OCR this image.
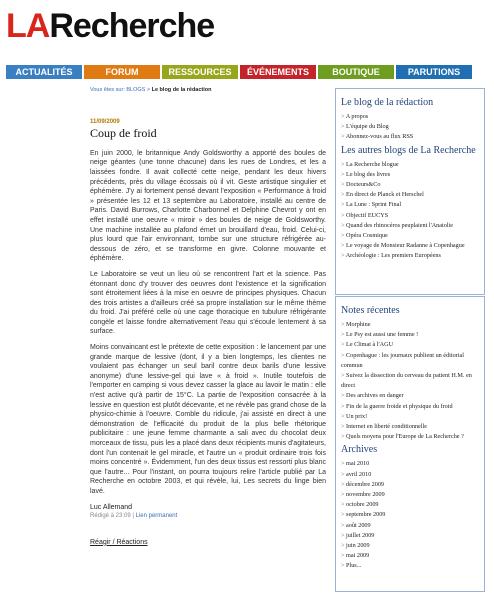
LA Recherche
ACTUALITÉS	FORUM	RESSOURCES	ÉVÉNEMENTS	BOUTIQUE	PARUTIONS
Vous êtes sur: BLOGS > Le blog de la rédaction
11/09/2009
Coup de froid

En juin 2000, le britannique Andy Goldsworthy a apporté des boules de neige géantes (une tonne chacune) dans les rues de Londres, et les a laissées fondre. Il avait collecté cette neige, pendant les deux hivers précédents, près du village écossais où il vit. Geste artistique singulier et éphémère. J'y ai fortement pensé devant l'exposition « Performance à froid » présentée les 12 et 13 septembre au Laboratoire, installé au centre de Paris. David Burrows, Charlotte Charbonnel et Delphine Chevrot y ont en effet installé une oeuvre « miroir » des boules de neige de Goldsworthy. Une machine installée au plafond émet un brouillard d'eau, froid. Celui-ci, plus lourd que l'air environnant, tombe sur une structure réfrigérée au-dessous de zéro, et se transforme en givre. Colonne mouvante et éphémère.

Le Laboratoire se veut un lieu où se rencontrent l'art et la science. Pas étonnant donc d'y trouver des oeuvres dont l'existence et la signification sont étroitement liées à la mise en oeuvre de principes physiques. Chacun des trois artistes a d'ailleurs créé sa propre installation sur le même thème du froid. J'ai préféré celle où une cage thoracique en tubulure réfrigérante congèle et laisse fondre alternativement l'eau qui s'écoule lentement à sa surface.

Moins convaincant est le prétexte de cette exposition : le lancement par une grande marque de lessive (dont, il y a bien longtemps, les clientes ne voulaient pas échanger un seul baril contre deux barils d'une lessive anonyme) d'une lessive-gel qui lave « à froid ». Inutile toutefois de l'emporter en camping si vous devez casser la glace au lavoir le matin : elle n'est active qu'à partir de 15°C. La partie de l'exposition consacrée à la lessive en question est plutôt décevante, et ne révèle pas grand chose de la physico-chimie à l'oeuvre. Comble du ridicule, j'ai assisté en direct à une démonstration de l'efficacité du produit de la plus belle rhétorique publicitaire : une jeune femme charmante a sali avec du chocolat deux morceaux de tissu, puis les a placé dans deux récipients munis d'agitateurs, dont l'un contenait le gel miracle, et l'autre un « produit ordinaire trois fois moins concentré ». Évidemment, l'un des deux tissus est ressorti plus blanc que l'autre... Pour l'instant, on pourra toujours relire l'article publié par La Recherche en octobre 2003, et qui révèle, lui, Les secrets du linge bien lavé.

Luc Allemand
Rédigé à 23:09 | Lien permanent
Réagir / Réactions
Le blog de la rédaction
> A propos
> L'équipe du Blog
> Abonnez-vous au flux RSS
Les autres blogs de La Recherche
> La Recherche blogue
> Le blog des livres
> Docteurs&Co
> En direct de Planck et Herschel
> La Lune : Sprint Final
> Objectif EUCYS
> Quand des rhinocéros peuplaient l'Anatolie
> Opéra Cosmique
> Le voyage de Monsieur Radanne à Copenhague
> Archéologie : Les premiers Européens
Notes récentes
> Morphine
> Le Psy est aussi une femme !
> Le Climat à l'AGU
> Copenhague : les journaux publient un éditorial commun
> Suivez la dissection du cerveau du patient H.M. en direct
> Des archives en danger
> Fin de la guerre froide et physique du froid
> Un prix!
> Internet en liberté conditionnelle
> Quels moyens pour l'Europe de La Recherche ?
Archives
> mai 2010
> avril 2010
> décembre 2009
> novembre 2009
> octobre 2009
> septembre 2009
> août 2009
> juillet 2009
> juin 2009
> mai 2009
> Plus...
